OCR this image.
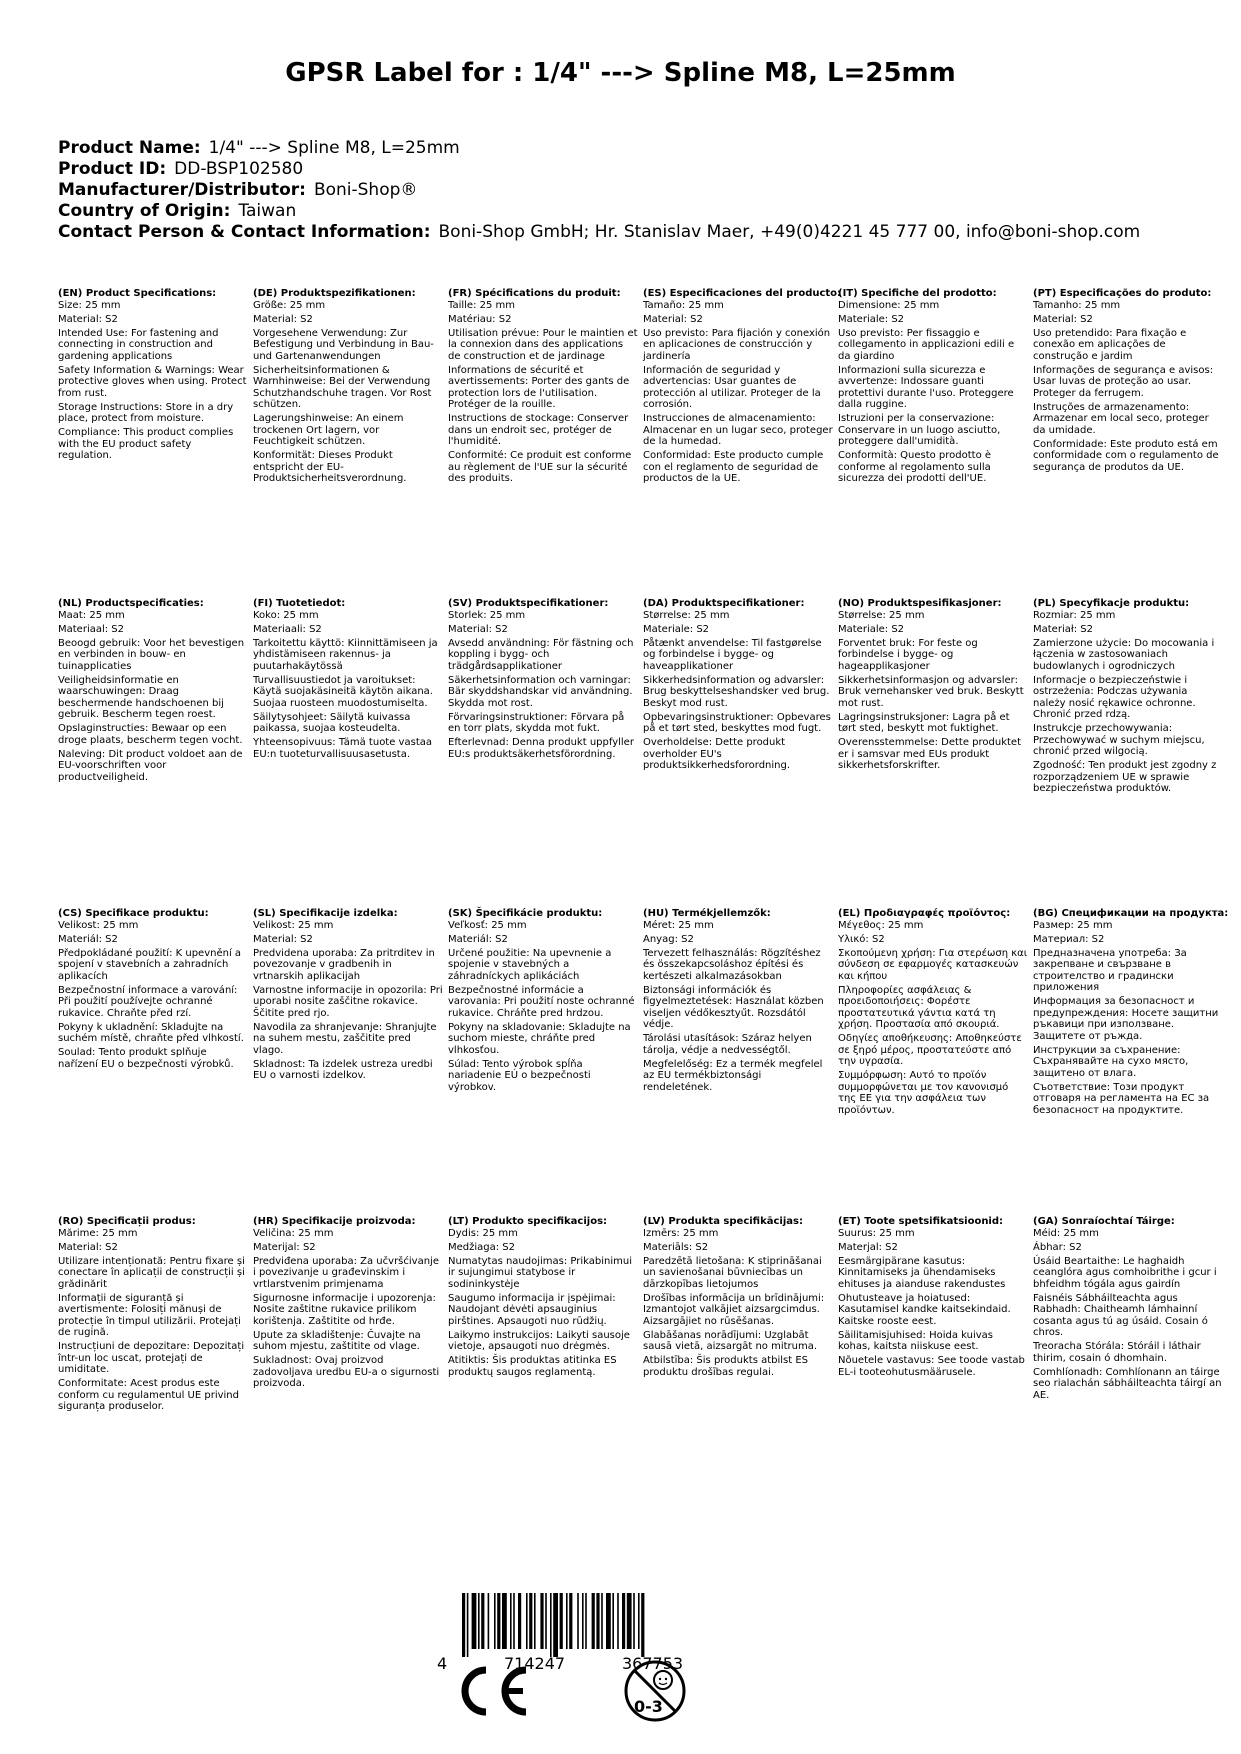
GPSR Label for : 1/4" ---> Spline M8, L=25mm
Product Name: 1/4" ---> Spline M8, L=25mm
Product ID: DD-BSP102580
Manufacturer/Distributor: Boni-Shop®
Country of Origin: Taiwan
Contact Person & Contact Information: Boni-Shop GmbH; Hr. Stanislav Maer, +49(0)4221 45 777 00, info@boni-shop.com
(EN) Product Specifications:

Size: 25 mm

Material: S2

Intended Use: For fastening and connecting in construction and gardening applications

Safety Information & Warnings: Wear protective gloves when using. Protect from rust.

Storage Instructions: Store in a dry place, protect from moisture.

Compliance: This product complies with the EU product safety regulation.

(DE) Produktspezifikationen:

Größe: 25 mm

Material: S2

Vorgesehene Verwendung: Zur Befestigung und Verbindung in Bau- und Gartenanwendungen

Sicherheitsinformationen & Warnhinweise: Bei der Verwendung Schutzhandschuhe tragen. Vor Rost schützen.

Lagerungshinweise: An einem trockenen Ort lagern, vor Feuchtigkeit schützen.

Konformität: Dieses Produkt entspricht der EU-Produktsicherheitsverordnung.

(FR) Spécifications du produit:

Taille: 25 mm

Matériau: S2

Utilisation prévue: Pour le maintien et la connexion dans des applications de construction et de jardinage

Informations de sécurité et avertissements: Porter des gants de protection lors de l'utilisation. Protéger de la rouille.

Instructions de stockage: Conserver dans un endroit sec, protéger de l'humidité.

Conformité: Ce produit est conforme au règlement de l'UE sur la sécurité des produits.

(ES) Especificaciones del producto:

Tamaño: 25 mm

Material: S2

Uso previsto: Para fijación y conexión en aplicaciones de construcción y jardinería

Información de seguridad y advertencias: Usar guantes de protección al utilizar. Proteger de la corrosión.

Instrucciones de almacenamiento: Almacenar en un lugar seco, proteger de la humedad.

Conformidad: Este producto cumple con el reglamento de seguridad de productos de la UE.

(IT) Specifiche del prodotto:

Dimensione: 25 mm

Materiale: S2

Uso previsto: Per fissaggio e collegamento in applicazioni edili e da giardino

Informazioni sulla sicurezza e avvertenze: Indossare guanti protettivi durante l'uso. Proteggere dalla ruggine.

Istruzioni per la conservazione: Conservare in un luogo asciutto, proteggere dall'umidità.

Conformità: Questo prodotto è conforme al regolamento sulla sicurezza dei prodotti dell'UE.

(PT) Especificações do produto:

Tamanho: 25 mm

Material: S2

Uso pretendido: Para fixação e conexão em aplicações de construção e jardim

Informações de segurança e avisos: Usar luvas de proteção ao usar. Proteger da ferrugem.

Instruções de armazenamento: Armazenar em local seco, proteger da umidade.

Conformidade: Este produto está em conformidade com o regulamento de segurança de produtos da UE.

(NL) Productspecificaties:

Maat: 25 mm

Materiaal: S2

Beoogd gebruik: Voor het bevestigen en verbinden in bouw- en tuinapplicaties

Veiligheidsinformatie en waarschuwingen: Draag beschermende handschoenen bij gebruik. Bescherm tegen roest.

Opslaginstructies: Bewaar op een droge plaats, bescherm tegen vocht.

Naleving: Dit product voldoet aan de EU-voorschriften voor productveiligheid.

(FI) Tuotetiedot:

Koko: 25 mm

Materiaali: S2

Tarkoitettu käyttö: Kiinnittämiseen ja yhdistämiseen rakennus- ja puutarhakäytössä

Turvallisuustiedot ja varoitukset: Käytä suojakäsineitä käytön aikana. Suojaa ruosteen muodostumiselta.

Säilytysohjeet: Säilytä kuivassa paikassa, suojaa kosteudelta.

Yhteensopivuus: Tämä tuote vastaa EU:n tuoteturvallisuusasetusta.

(SV) Produktspecifikationer:

Storlek: 25 mm

Material: S2

Avsedd användning: För fästning och koppling i bygg- och trädgårdsapplikationer

Säkerhetsinformation och varningar: Bär skyddshandskar vid användning. Skydda mot rost.

Förvaringsinstruktioner: Förvara på en torr plats, skydda mot fukt.

Efterlevnad: Denna produkt uppfyller EU:s produktsäkerhetsförordning.

(DA) Produktspecifikationer:

Størrelse: 25 mm

Materiale: S2

Påtænkt anvendelse: Til fastgørelse og forbindelse i bygge- og haveapplikationer

Sikkerhedsinformation og advarsler: Brug beskyttelseshandsker ved brug. Beskyt mod rust.

Opbevaringsinstruktioner: Opbevares på et tørt sted, beskyttes mod fugt.

Overholdelse: Dette produkt overholder EU's produktsikkerhedsforordning.

(NO) Produktspesifikasjoner:

Størrelse: 25 mm

Materiale: S2

Forventet bruk: For feste og forbindelse i bygge- og hageapplikasjoner

Sikkerhetsinformasjon og advarsler: Bruk vernehansker ved bruk. Beskytt mot rust.

Lagringsinstruksjoner: Lagra på et tørt sted, beskytt mot fuktighet.

Overensstemmelse: Dette produktet er i samsvar med EUs produkt sikkerhetsforskrifter.

(PL) Specyfikacje produktu:

Rozmiar: 25 mm

Materiał: S2

Zamierzone użycie: Do mocowania i łączenia w zastosowaniach budowlanych i ogrodniczych

Informacje o bezpieczeństwie i ostrzeżenia: Podczas używania należy nosić rękawice ochronne. Chronić przed rdzą.

Instrukcje przechowywania: Przechowywać w suchym miejscu, chronić przed wilgocią.

Zgodność: Ten produkt jest zgodny z rozporządzeniem UE w sprawie bezpieczeństwa produktów.

(CS) Specifikace produktu:

Velikost: 25 mm

Materiál: S2

Předpokládané použití: K upevnění a spojení v stavebních a zahradních aplikacích

Bezpečnostní informace a varování: Při použití používejte ochranné rukavice. Chraňte před rzí.

Pokyny k ukladnění: Skladujte na suchém místě, chraňte před vlhkostí.

Soulad: Tento produkt splňuje nařízení EU o bezpečnosti výrobků.

(SL) Specifikacije izdelka:

Velikost: 25 mm

Material: S2

Predvidena uporaba: Za pritrditev in povezovanje v gradbenih in vrtnarskih aplikacijah

Varnostne informacije in opozorila: Pri uporabi nosite zaščitne rokavice. Ščitite pred rjo.

Navodila za shranjevanje: Shranjujte na suhem mestu, zaščitite pred vlago.

Skladnost: Ta izdelek ustreza uredbi EU o varnosti izdelkov.

(SK) Špecifikácie produktu:

Veľkosť: 25 mm

Materiál: S2

Určené použitie: Na upevnenie a spojenie v stavebných a záhradníckych aplikáciách

Bezpečnostné informácie a varovania: Pri použití noste ochranné rukavice. Chráňte pred hrdzou.

Pokyny na skladovanie: Skladujte na suchom mieste, chráňte pred vlhkosťou.

Súlad: Tento výrobok spĺňa nariadenie EÚ o bezpečnosti výrobkov.

(HU) Termékjellemzők:

Méret: 25 mm

Anyag: S2

Tervezett felhasználás: Rögzítéshez és összekapcsoláshoz építési és kertészeti alkalmazásokban

Biztonsági információk és figyelmeztetések: Használat közben viseljen védőkesztyűt. Rozsdától védje.

Tárolási utasítások: Száraz helyen tárolja, védje a nedvességtől.

Megfelelőség: Ez a termék megfelel az EU termékbiztonsági rendeletének.

(EL) Προδιαγραφές προϊόντος:

Μέγεθος: 25 mm

Υλικό: S2

Σκοπούμενη χρήση: Για στερέωση και σύνδεση σε εφαρμογές κατασκευών και κήπου

Πληροφορίες ασφάλειας & προειδοποιήσεις: Φορέστε προστατευτικά γάντια κατά τη χρήση. Προστασία από σκουριά.

Οδηγίες αποθήκευσης: Αποθηκεύστε σε ξηρό μέρος, προστατεύστε από την υγρασία.

Συμμόρφωση: Αυτό το προϊόν συμμορφώνεται με τον κανονισμό της ΕΕ για την ασφάλεια των προϊόντων.

(BG) Спецификации на продукта:

Размер: 25 mm

Материал: S2

Предназначена употреба: За закрепване и свързване в строителство и градински приложения

Информация за безопасност и предупреждения: Носете защитни ръкавици при използване. Защитете от ръжда.

Инструкции за съхранение: Съхранявайте на сухо място, защитено от влага.

Съответствие: Този продукт отговаря на регламента на ЕС за безопасност на продуктите.

(RO) Specificații produs:

Mărime: 25 mm

Material: S2

Utilizare intenționată: Pentru fixare și conectare în aplicații de construcții și grădinărit

Informații de siguranță și avertismente: Folosiți mănuși de protecție în timpul utilizării. Protejați de rugină.

Instrucțiuni de depozitare: Depozitați într-un loc uscat, protejați de umiditate.

Conformitate: Acest produs este conform cu regulamentul UE privind siguranța produselor.

(HR) Specifikacije proizvoda:

Veličina: 25 mm

Materijal: S2

Predviđena uporaba: Za učvršćivanje i povezivanje u građevinskim i vrtlarstvenim primjenama

Sigurnosne informacije i upozorenja: Nosite zaštitne rukavice prilikom korištenja. Zaštitite od hrđe.

Upute za skladištenje: Čuvajte na suhom mjestu, zaštitite od vlage.

Sukladnost: Ovaj proizvod zadovoljava uredbu EU-a o sigurnosti proizvoda.

(LT) Produkto specifikacijos:

Dydis: 25 mm

Medžiaga: S2

Numatytas naudojimas: Prikabinimui ir sujungimui statybose ir sodininkystėje

Saugumo informacija ir įspėjimai: Naudojant dėvėti apsauginius pirštines. Apsaugoti nuo rūdžių.

Laikymo instrukcijos: Laikyti sausoje vietoje, apsaugoti nuo drėgmės.

Atitiktis: Šis produktas atitinka ES produktų saugos reglamentą.

(LV) Produkta specifikācijas:

Izmērs: 25 mm

Materiāls: S2

Paredzētā lietošana: K stiprināšanai un savienošanai būvniecības un dārzkopības lietojumos

Drošības informācija un brīdinājumi: Izmantojot valkājiet aizsargcimdus. Aizsargājiet no rūsēšanas.

Glabāšanas norādījumi: Uzglabāt sausā vietā, aizsargāt no mitruma.

Atbilstība: Šis produkts atbilst ES produktu drošības regulai.

(ET) Toote spetsifikatsioonid:

Suurus: 25 mm

Materjal: S2

Eesmärgipärane kasutus: Kinnitamiseks ja ühendamiseks ehituses ja aianduse rakendustes

Ohutusteave ja hoiatused: Kasutamisel kandke kaitsekindaid. Kaitske rooste eest.

Säilitamisjuhised: Hoida kuivas kohas, kaitsta niiskuse eest.

Nõuetele vastavus: See toode vastab EL-i tooteohutusmäärusele.

(GA) Sonraíochtaí Táirge:

Méid: 25 mm

Ábhar: S2

Úsáid Beartaithe: Le haghaidh ceanglóra agus comhoibrithe i gcur i bhfeidhm tógála agus gairdín

Faisnéis Sábháilteachta agus Rabhadh: Chaitheamh lámhainní cosanta agus tú ag úsáid. Cosain ó chros.

Treoracha Stórála: Stóráil i láthair thirim, cosain ó dhomhain.

Comhlíonadh: Comhlíonann an táirge seo rialachán sábháilteachta táirgí an AE.

4	714247	367753
0-3
